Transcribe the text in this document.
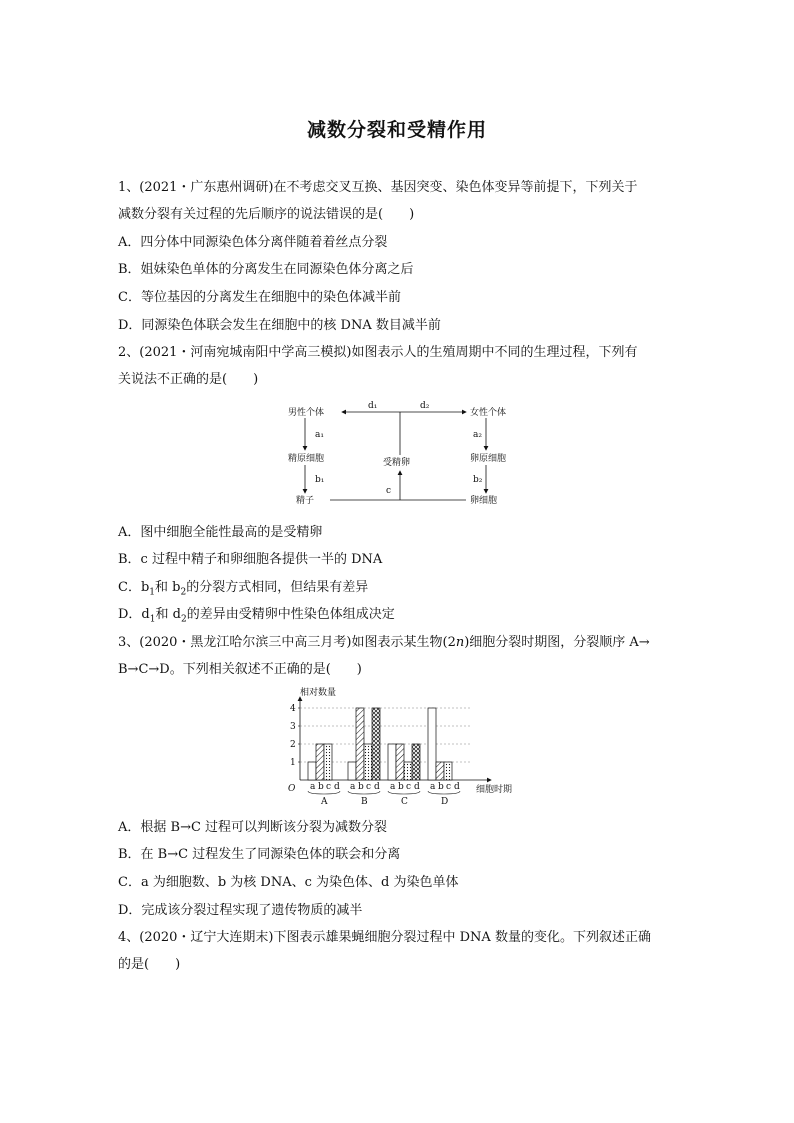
减数分裂和受精作用
1、(2021・广东惠州调研)在不考虑交叉互换、基因突变、染色体变异等前提下，下列关于
减数分裂有关过程的先后顺序的说法错误的是(　　)
A．四分体中同源染色体分离伴随着着丝点分裂
B．姐妹染色单体的分离发生在同源染色体分离之后
C．等位基因的分离发生在细胞中的染色体减半前
D．同源染色体联会发生在细胞中的核 DNA 数目减半前
2、(2021・河南宛城南阳中学高三模拟)如图表示人的生殖周期中不同的生理过程，下列有
关说法不正确的是(　　)
男性个体	女性个体
精原细胞	卵原细胞
受精卵
精子	卵细胞
d₁	d₂
a₁
b₁
a₂
b₂
c
A．图中细胞全能性最高的是受精卵
B．c 过程中精子和卵细胞各提供一半的 DNA
C．$b_1$和 $b_2$的分裂方式相同，但结果有差异
D．$d_1$和 $d_2$的差异由受精卵中性染色体组成决定
3、(2020・黑龙江哈尔滨三中高三月考)如图表示某生物(2n)细胞分裂时期图，分裂顺序 A→
B→C→D。下列相关叙述不正确的是(　　)
相对数量
细胞时期
O
1
2
3
4
a b c d
A
a b c d
B
a b c d
C
a b c d
D
A．根据 B→C 过程可以判断该分裂为减数分裂
B．在 B→C 过程发生了同源染色体的联会和分离
C．a 为细胞数、b 为核 DNA、c 为染色体、d 为染色单体
D．完成该分裂过程实现了遗传物质的减半
4、(2020・辽宁大连期末)下图表示雄果蝇细胞分裂过程中 DNA 数量的变化。下列叙述正确
的是(　　)
